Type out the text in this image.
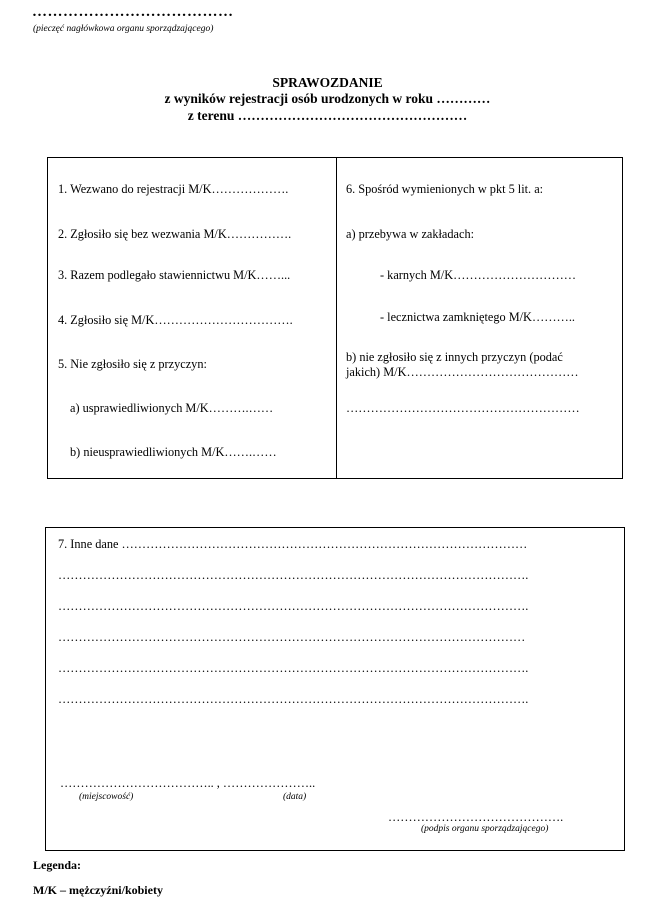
…………………………………
(pieczęć nagłówkowa organu sporządzającego)
SPRAWOZDANIE
z wyników rejestracji osób urodzonych w roku …………
z terenu ……………………………………………
1. Wezwano do rejestracji M/K……………….
2. Zgłosiło się bez wezwania M/K…………….
3. Razem podlegało stawiennictwu M/K……...
4. Zgłosiło się M/K…………………………….
5. Nie zgłosiło się z przyczyn:
a) usprawiedliwionych M/K……….……
b) nieusprawiedliwionych M/K…….……
6. Spośród wymienionych w pkt 5 lit. a:
a) przebywa w zakładach:
- karnych M/K…………………………
- lecznictwa zamkniętego M/K………..
b) nie zgłosiło się z innych przyczyn (podać
jakich) M/K……………………………………
…………………………………………………
7. Inne dane ………………………………………………………………………………………
…………………………………………………………………………………………………….
…………………………………………………………………………………………………….
……………………………………………………………………………………………………
…………………………………………………………………………………………………….
…………………………………………………………………………………………………….
……………………………….. , …………………..
(miejscowość)	(data)
…………………………………….
(podpis organu sporządzającego)
Legenda:
M/K – mężczyźni/kobiety
